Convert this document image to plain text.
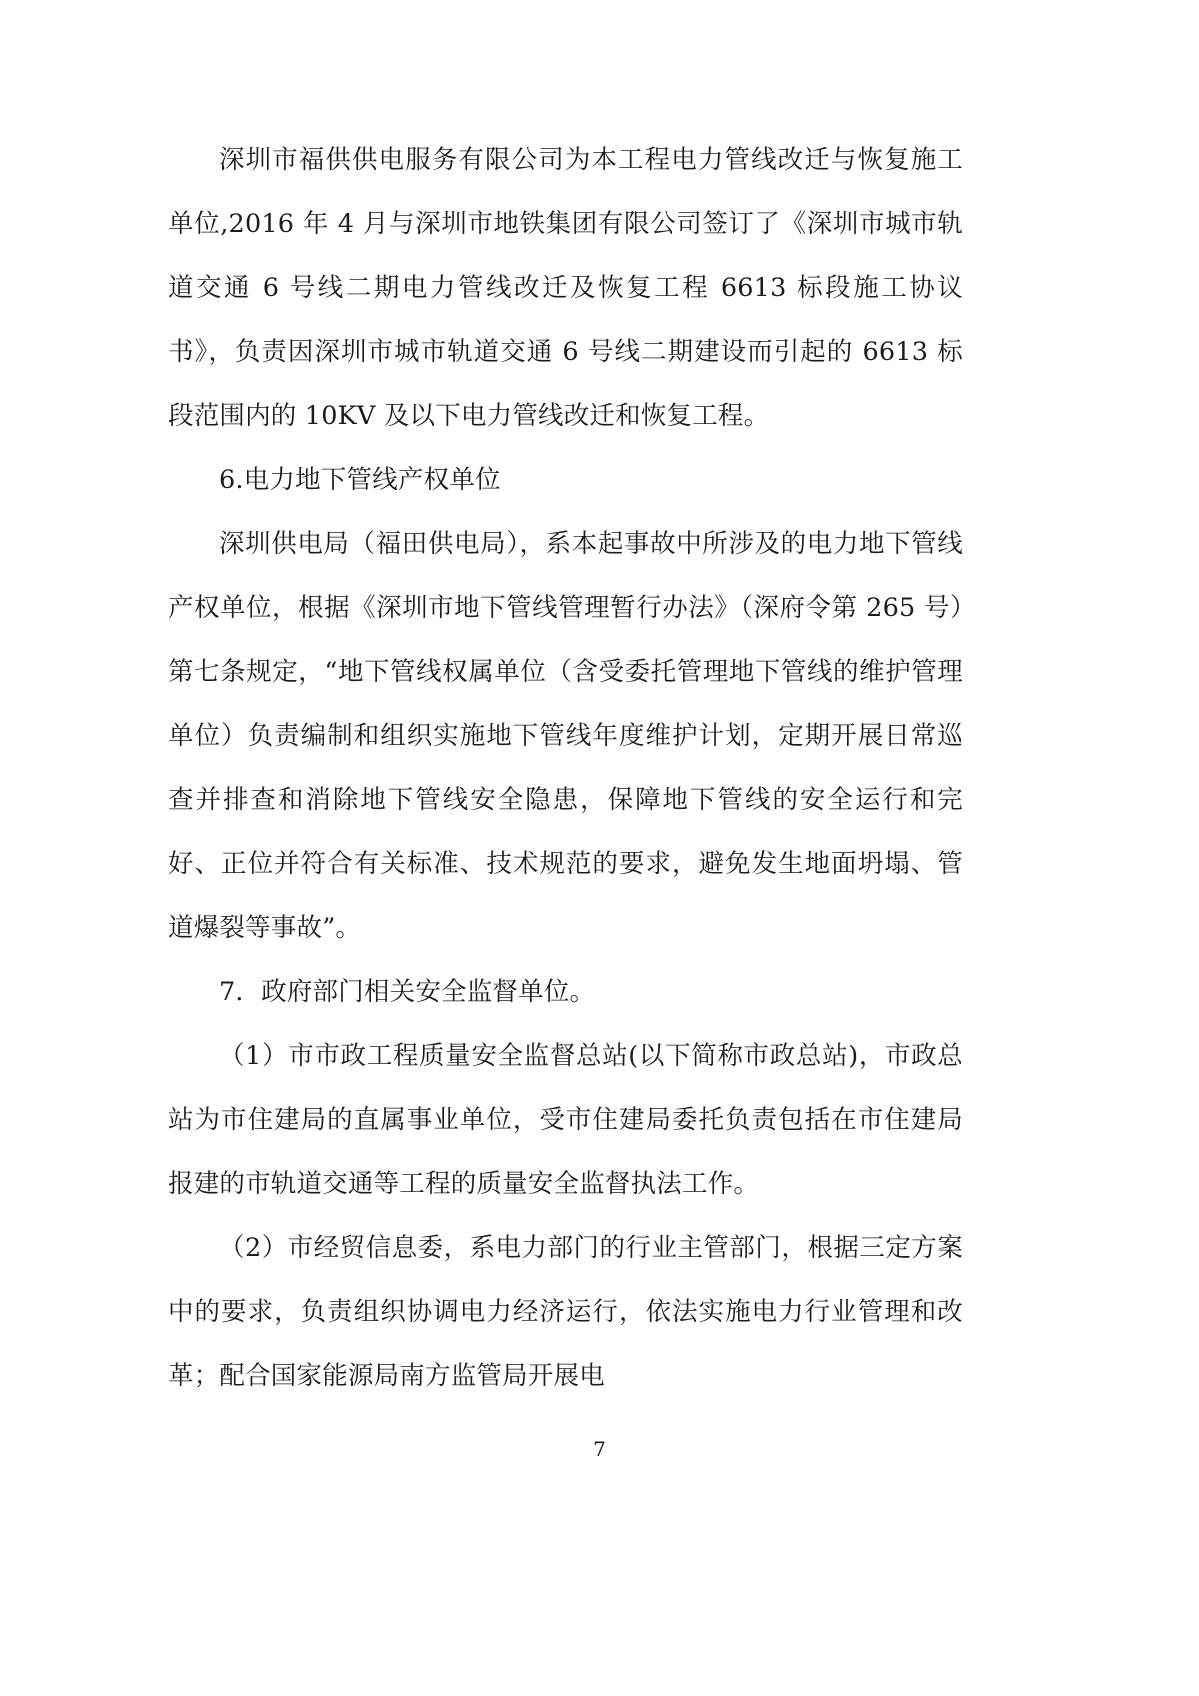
深圳市福供供电服务有限公司为本工程电力管线改迁与恢复施工单位,2016 年 4 月与深圳市地铁集团有限公司签订了《深圳市城市轨道交通 6 号线二期电力管线改迁及恢复工程 6613 标段施工协议书》，负责因深圳市城市轨道交通 6 号线二期建设而引起的 6613 标段范围内的 10KV 及以下电力管线改迁和恢复工程。

6.电力地下管线产权单位

深圳供电局（福田供电局），系本起事故中所涉及的电力地下管线产权单位，根据《深圳市地下管线管理暂行办法》（深府令第 265 号）第七条规定，“地下管线权属单位（含受委托管理地下管线的维护管理单位）负责编制和组织实施地下管线年度维护计划，定期开展日常巡查并排查和消除地下管线安全隐患，保障地下管线的安全运行和完好、正位并符合有关标准、技术规范的要求，避免发生地面坍塌、管道爆裂等事故”。

7．政府部门相关安全监督单位。

（1）市市政工程质量安全监督总站(以下简称市政总站)，市政总站为市住建局的直属事业单位，受市住建局委托负责包括在市住建局报建的市轨道交通等工程的质量安全监督执法工作。

（2）市经贸信息委，系电力部门的行业主管部门，根据三定方案中的要求，负责组织协调电力经济运行，依法实施电力行业管理和改革；配合国家能源局南方监管局开展电

7
